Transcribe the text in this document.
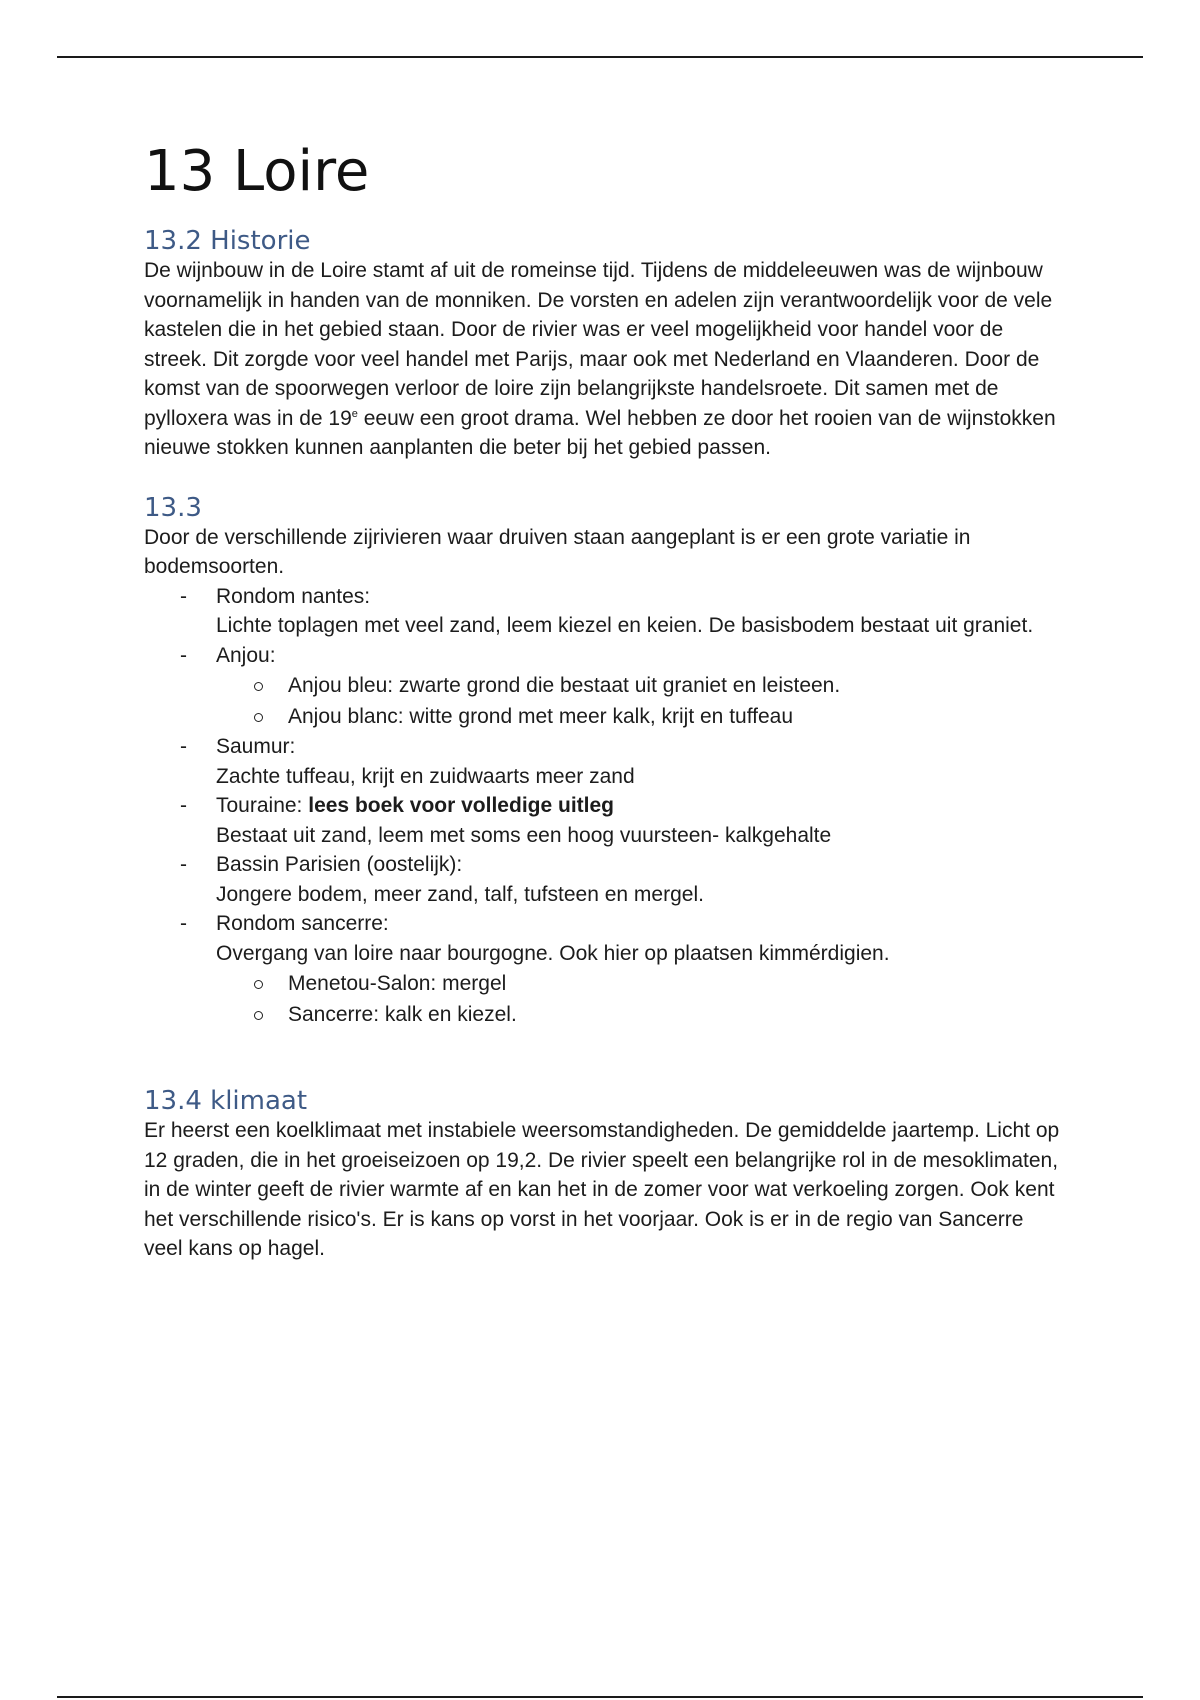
13 Loire
13.2 Historie

De wijnbouw in de Loire stamt af uit de romeinse tijd. Tijdens de middeleeuwen was de wijnbouw voornamelijk in handen van de monniken. De vorsten en adelen zijn verantwoordelijk voor de vele kastelen die in het gebied staan. Door de rivier was er veel mogelijkheid voor handel voor de streek. Dit zorgde voor veel handel met Parijs, maar ook met Nederland en Vlaanderen. Door de komst van de spoorwegen verloor de loire zijn belangrijkste handelsroete. Dit samen met de pylloxera was in de 19e eeuw een groot drama. Wel hebben ze door het rooien van de wijnstokken nieuwe stokken kunnen aanplanten die beter bij het gebied passen.

13.3

Door de verschillende zijrivieren waar druiven staan aangeplant is er een grote variatie in bodemsoorten.

- Rondom nantes:
Lichte toplagen met veel zand, leem kiezel en keien. De basisbodem bestaat uit graniet.
- Anjou:
Anjou bleu: zwarte grond die bestaat uit graniet en leisteen.
Anjou blanc: witte grond met meer kalk, krijt en tuffeau
- Saumur:
Zachte tuffeau, krijt en zuidwaarts meer zand
- Touraine: lees boek voor volledige uitleg
Bestaat uit zand, leem met soms een hoog vuursteen- kalkgehalte
- Bassin Parisien (oostelijk):
Jongere bodem, meer zand, talf, tufsteen en mergel.
- Rondom sancerre:
Overgang van loire naar bourgogne. Ook hier op plaatsen kimmérdigien.
Menetou-Salon: mergel
Sancerre: kalk en kiezel.
13.4 klimaat

Er heerst een koelklimaat met instabiele weersomstandigheden. De gemiddelde jaartemp. Licht op 12 graden, die in het groeiseizoen op 19,2. De rivier speelt een belangrijke rol in de mesoklimaten, in de winter geeft de rivier warmte af en kan het in de zomer voor wat verkoeling zorgen. Ook kent het verschillende risico's. Er is kans op vorst in het voorjaar. Ook is er in de regio van Sancerre veel kans op hagel.
